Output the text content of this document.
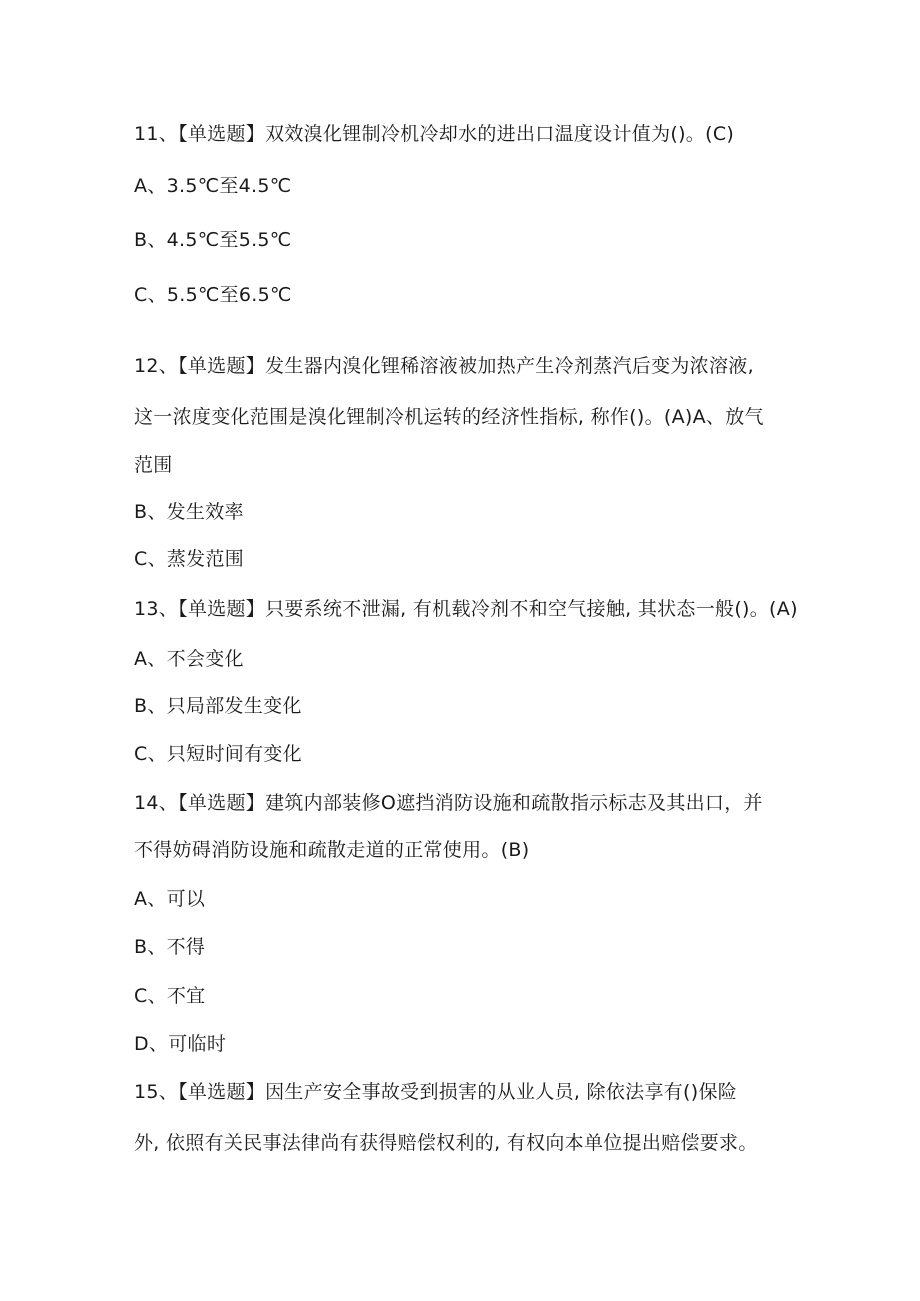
11、【单选题】双效溴化锂制冷机冷却水的进出口温度设计值为()。(C)
A、3.5℃至4.5℃
B、4.5℃至5.5℃
C、5.5℃至6.5℃
12、【单选题】发生器内溴化锂稀溶液被加热产生冷剂蒸汽后变为浓溶液,
这一浓度变化范围是溴化锂制冷机运转的经济性指标, 称作()。(A)A、放气
范围
B、发生效率
C、蒸发范围
13、【单选题】只要系统不泄漏, 有机载冷剂不和空气接触, 其状态一般()。(A)
A、不会变化
B、只局部发生变化
C、只短时间有变化
14、【单选题】建筑内部装修O遮挡消防设施和疏散指示标志及其出口，并
不得妨碍消防设施和疏散走道的正常使用。(B)
A、可以
B、不得
C、不宜
D、可临时
15、【单选题】因生产安全事故受到损害的从业人员, 除依法享有()保险
外, 依照有关民事法律尚有获得赔偿权利的, 有权向本单位提出赔偿要求。
